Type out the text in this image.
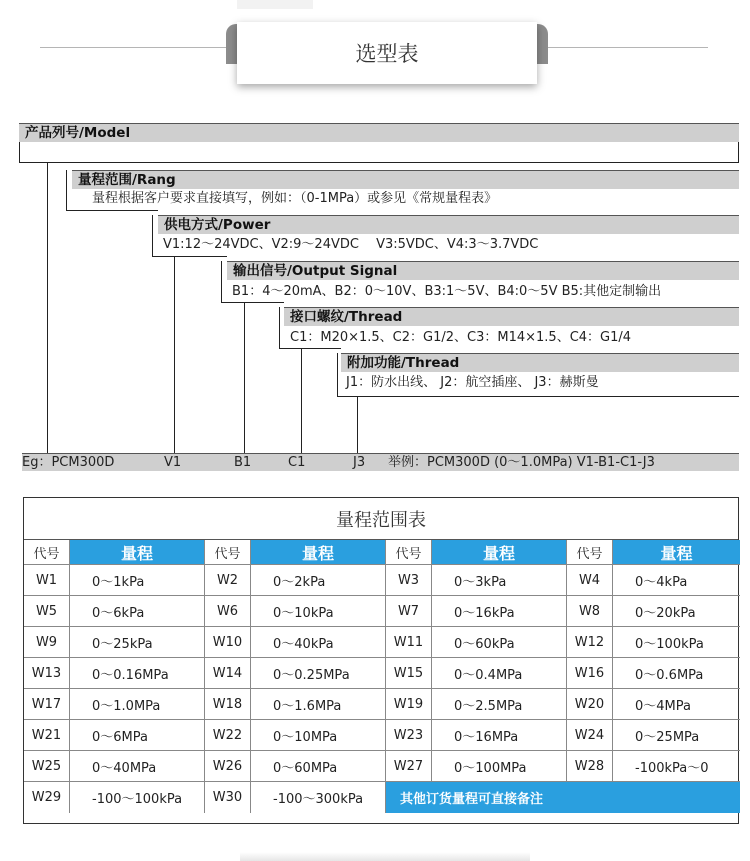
选型表
产品列号/Model
量程范围/Rang
量程根据客户要求直接填写，例如：（0-1MPa）或参见《常规量程表》
供电方式/Power
V1:12～24VDC、V2:9～24VDC　 V3:5VDC、V4:3～3.7VDC
输出信号/Output Signal
B1：4～20mA、B2：0～10V、B3:1～5V、B4:0～5V B5:其他定制输出
接口螺纹/Thread
C1：M20×1.5、C2：G1/2、C3：M14×1.5、C4：G1/4
附加功能/Thread
J1：防水出线、 J2：航空插座、 J3：赫斯曼
Eg：PCM300D	V1	B1	C1	J3 举例：PCM300D (0～1.0MPa) V1-B1-C1-J3
量程范围表
代号	量程	代号	量程	代号	量程	代号	量程
W1	0～1kPa	W2	0～2kPa	W3	0～3kPa	W4	0～4kPa
W5	0～6kPa	W6	0～10kPa	W7	0～16kPa	W8	0～20kPa
W9	0～25kPa	W10	0～40kPa	W11	0～60kPa	W12	0～100kPa
W13	0～0.16MPa	W14	0～0.25MPa	W15	0～0.4MPa	W16	0～0.6MPa
W17	0～1.0MPa	W18	0～1.6MPa	W19	0～2.5MPa	W20	0～4MPa
W21	0～6MPa	W22	0～10MPa	W23	0～16MPa	W24	0～25MPa
W25	0～40MPa	W26	0～60MPa	W27	0～100MPa	W28	-100kPa～0
W29	-100～100kPa	W30	-100～300kPa	其他订货量程可直接备注
